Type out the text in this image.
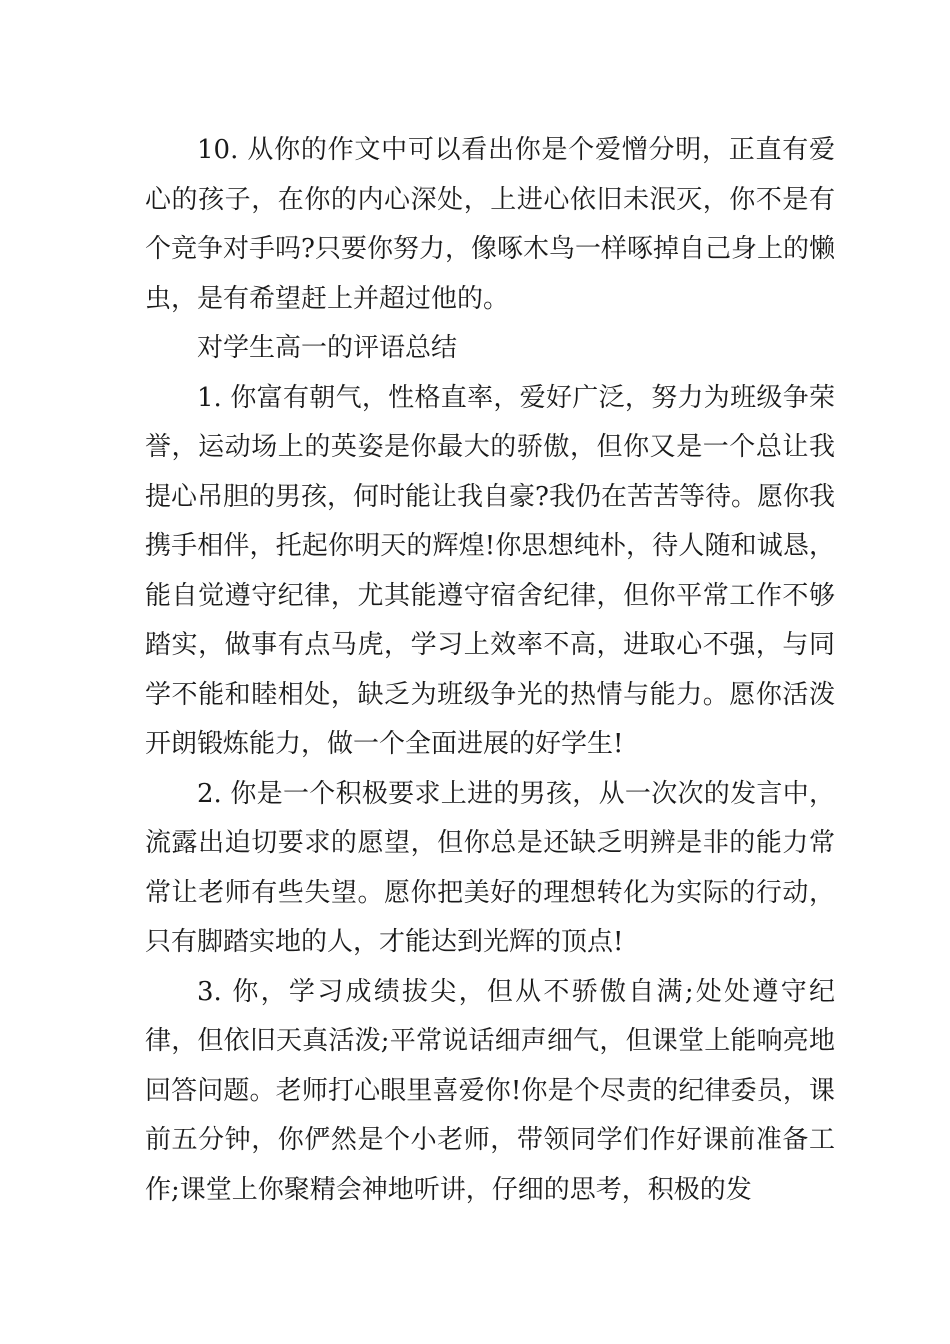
10. 从你的作文中可以看出你是个爱憎分明，正直有爱心的孩子，在你的内心深处，上进心依旧未泯灭，你不是有个竞争对手吗?只要你努力，像啄木鸟一样啄掉自己身上的懒虫，是有希望赶上并超过他的。

对学生高一的评语总结

1. 你富有朝气，性格直率，爱好广泛，努力为班级争荣誉，运动场上的英姿是你最大的骄傲，但你又是一个总让我提心吊胆的男孩，何时能让我自豪?我仍在苦苦等待。愿你我携手相伴，托起你明天的辉煌!你思想纯朴，待人随和诚恳，能自觉遵守纪律，尤其能遵守宿舍纪律，但你平常工作不够踏实，做事有点马虎，学习上效率不高，进取心不强，与同学不能和睦相处，缺乏为班级争光的热情与能力。愿你活泼开朗锻炼能力，做一个全面进展的好学生!

2. 你是一个积极要求上进的男孩，从一次次的发言中，流露出迫切要求的愿望，但你总是还缺乏明辨是非的能力常常让老师有些失望。愿你把美好的理想转化为实际的行动，只有脚踏实地的人，才能达到光辉的顶点!

3. 你，学习成绩拔尖，但从不骄傲自满;处处遵守纪律，但依旧天真活泼;平常说话细声细气，但课堂上能响亮地回答问题。老师打心眼里喜爱你!你是个尽责的纪律委员，课前五分钟，你俨然是个小老师，带领同学们作好课前准备工作;课堂上你聚精会神地听讲，仔细的思考，积极的发
